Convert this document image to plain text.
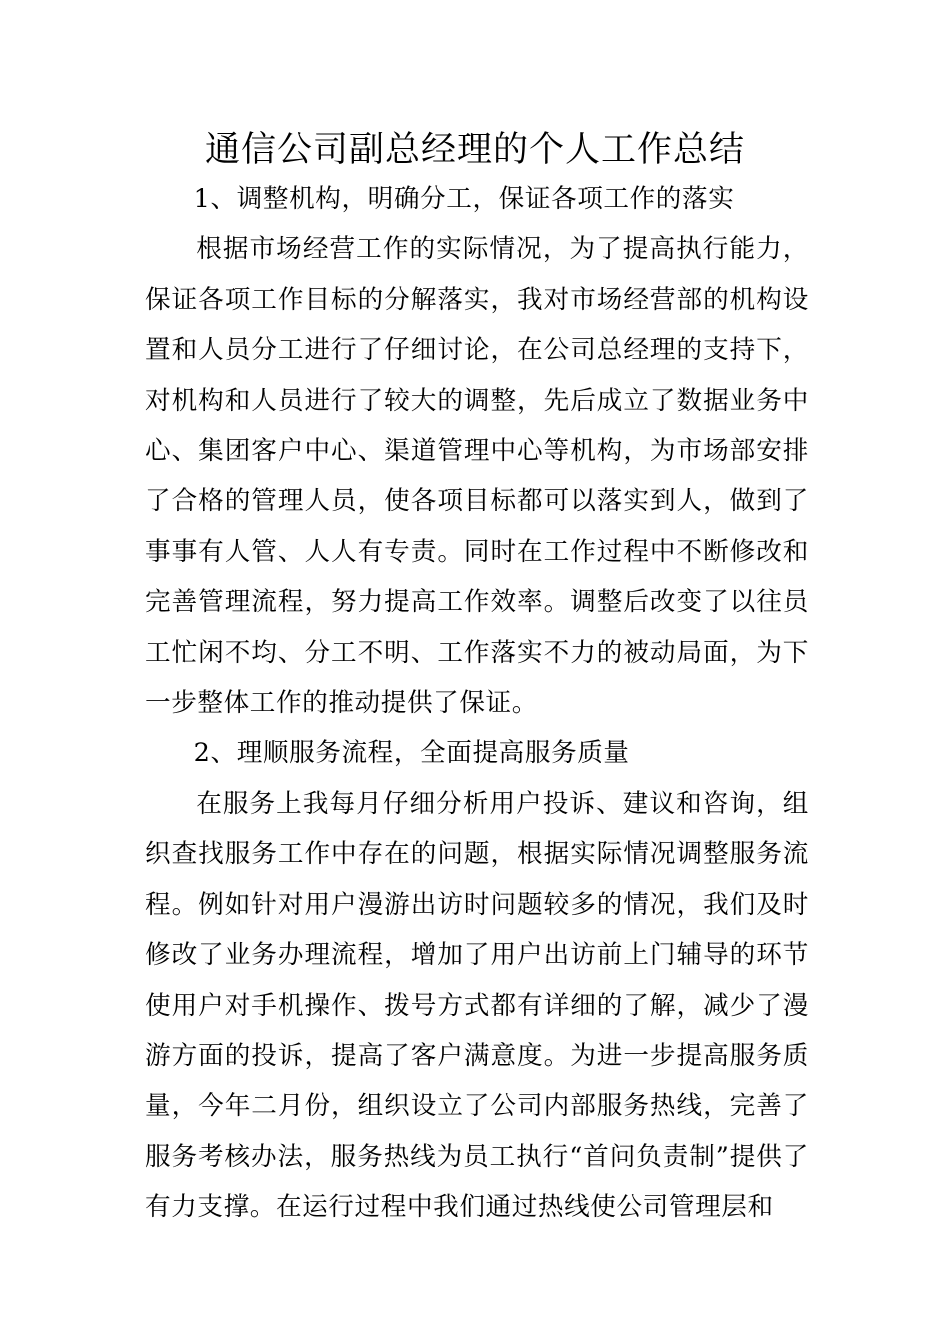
通信公司副总经理的个人工作总结

1、调整机构，明确分工，保证各项工作的落实

根据市场经营工作的实际情况，为了提高执行能力，保证各项工作目标的分解落实，我对市场经营部的机构设置和人员分工进行了仔细讨论，在公司总经理的支持下，对机构和人员进行了较大的调整，先后成立了数据业务中心、集团客户中心、渠道管理中心等机构，为市场部安排了合格的管理人员，使各项目标都可以落实到人，做到了事事有人管、人人有专责。同时在工作过程中不断修改和完善管理流程，努力提高工作效率。调整后改变了以往员工忙闲不均、分工不明、工作落实不力的被动局面，为下一步整体工作的推动提供了保证。

2、理顺服务流程，全面提高服务质量

在服务上我每月仔细分析用户投诉、建议和咨询，组织查找服务工作中存在的问题，根据实际情况调整服务流程。例如针对用户漫游出访时问题较多的情况，我们及时修改了业务办理流程，增加了用户出访前上门辅导的环节使用户对手机操作、拨号方式都有详细的了解，减少了漫游方面的投诉，提高了客户满意度。为进一步提高服务质量，今年二月份，组织设立了公司内部服务热线，完善了服务考核办法，服务热线为员工执行“首问负责制”提供了有力支撑。在运行过程中我们通过热线使公司管理层和
